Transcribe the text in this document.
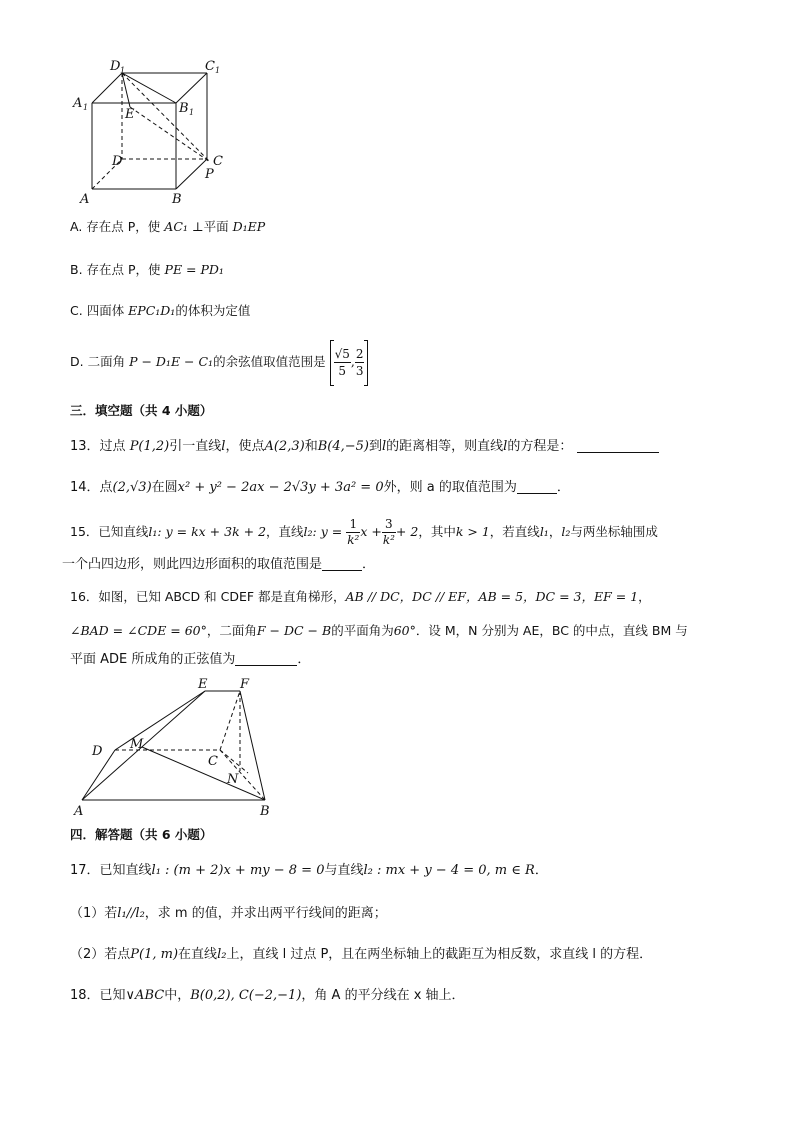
D 1	C 1
A 1	B 1
E
D	C
P
A	B
A. 存在点 P，使 AC₁ ⊥平面 D₁EP
B. 存在点 P，使 PE = PD₁
C. 四面体 EPC₁D₁的体积为定值
D. 二面角 P − D₁E − C₁的余弦值取值范围是 $\frac{√5}{5}$ , $\frac{2}{3}$
三．填空题（共 4 小题）
13．过点 P(1,2)引一直线l，使点A(2,3)和B(4,−5)到l的距离相等，则直线l的方程是：
14．点(2,√3)在圆x² + y² − 2ax − 2√3y + 3a² = 0外，则 a 的取值范围为	．
15．已知直线l₁: y = kx + 3k + 2，直线l₂: $y = \frac{1}{\text{k²}}$ $x + \frac{3}{\text{k²}} + 2$，其中k > 1，若直线l₁，l₂与两坐标轴围成
一个凸四边形，则此四边形面积的取值范围是	．
16．如图，已知 ABCD 和 CDEF 都是直角梯形，AB // DC，DC // EF，AB = 5，DC = 3，EF = 1，
∠BAD = ∠CDE = 60°，二面角F − DC − B的平面角为60°．设 M，N 分别为 AE，BC 的中点，直线 BM 与
平面 ADE 所成角的正弦值为	．
E	F
D M
C
N
A	B
四．解答题（共 6 小题）
17．已知直线l₁ : (m + 2)x + my − 8 = 0与直线l₂ : mx + y − 4 = 0, m ∈ R．
（1）若l₁//l₂，求 m 的值，并求出两平行线间的距离；
（2）若点P(1, m)在直线l₂上，直线 l 过点 P，且在两坐标轴上的截距互为相反数，求直线 l 的方程．
18．已知∨ABC中，B(0,2), C(−2,−1)，角 A 的平分线在 x 轴上．
